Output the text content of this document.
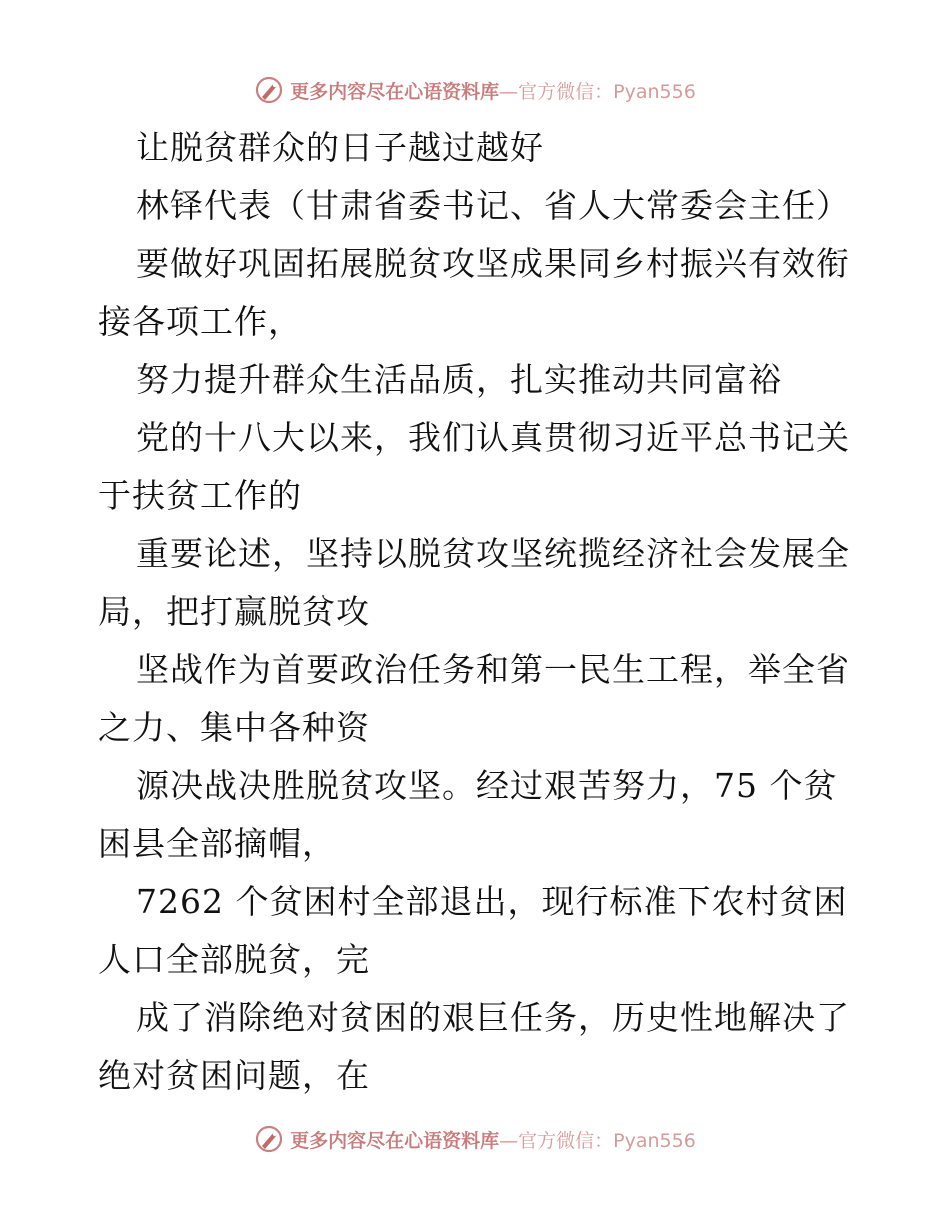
更多内容尽在心语资料库—官方微信：Pyan556
让脱贫群众的日子越过越好
林铎代表（甘肃省委书记、省人大常委会主任）
要做好巩固拓展脱贫攻坚成果同乡村振兴有效衔
接各项工作，
努力提升群众生活品质，扎实推动共同富裕
党的十八大以来，我们认真贯彻习近平总书记关
于扶贫工作的
重要论述，坚持以脱贫攻坚统揽经济社会发展全
局，把打赢脱贫攻
坚战作为首要政治任务和第一民生工程，举全省
之力、集中各种资
源决战决胜脱贫攻坚。经过艰苦努力，75 个贫
困县全部摘帽，
7262 个贫困村全部退出，现行标准下农村贫困
人口全部脱贫，完
成了消除绝对贫困的艰巨任务，历史性地解决了
绝对贫困问题，在
更多内容尽在心语资料库—官方微信：Pyan556
